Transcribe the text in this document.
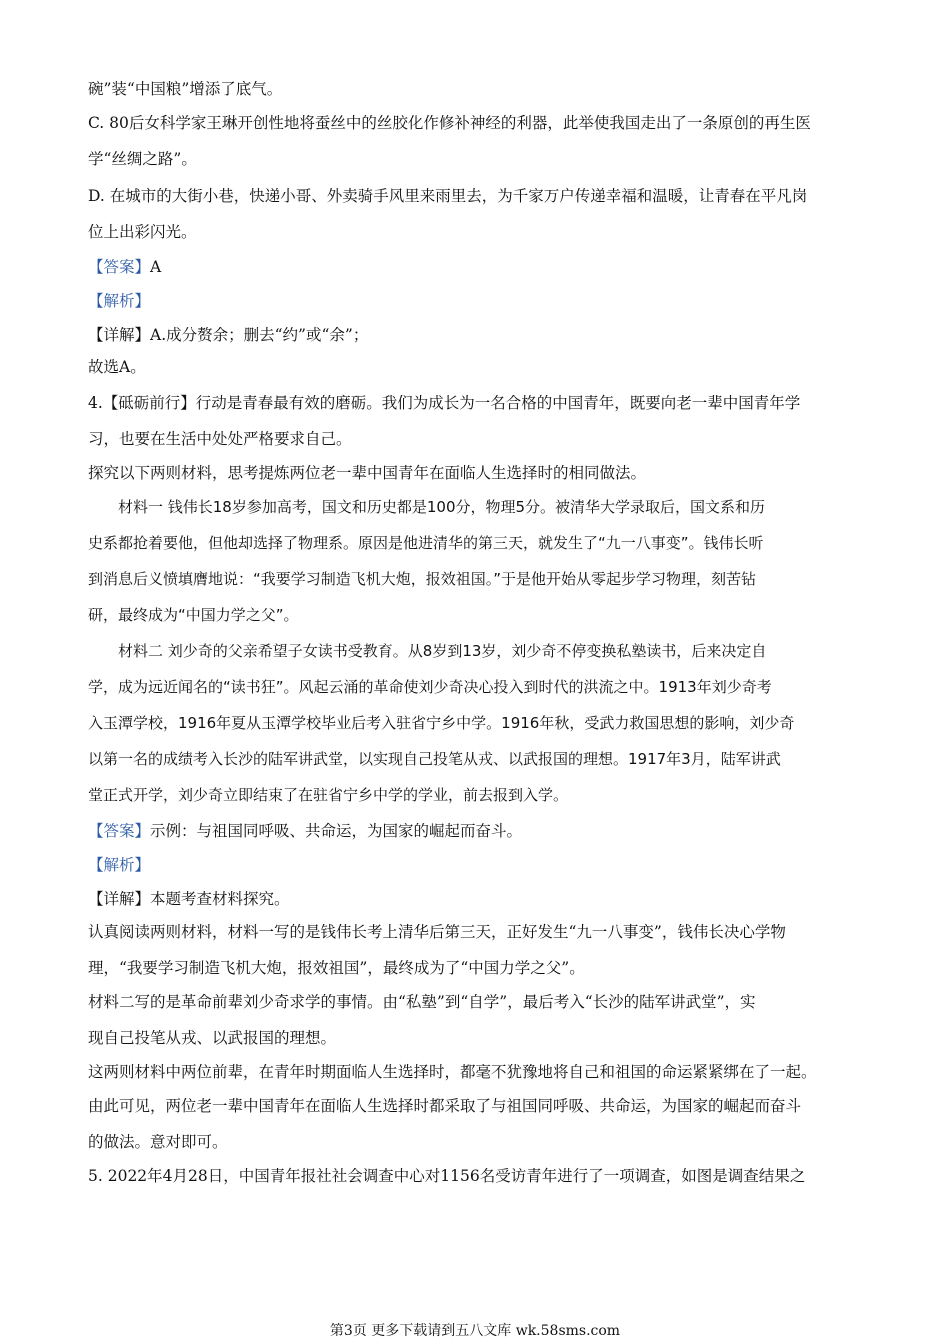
碗”装“中国粮”增添了底气。
C. 80后女科学家王琳开创性地将蚕丝中的丝胶化作修补神经的利器，此举使我国走出了一条原创的再生医
学“丝绸之路”。
D. 在城市的大街小巷，快递小哥、外卖骑手风里来雨里去，为千家万户传递幸福和温暖，让青春在平凡岗
位上出彩闪光。
【答案】A
【解析】
【详解】A.成分赘余；删去“约”或“余”；
故选A。
4.【砥砺前行】行动是青春最有效的磨砺。我们为成长为一名合格的中国青年，既要向老一辈中国青年学
习，也要在生活中处处严格要求自己。
探究以下两则材料，思考提炼两位老一辈中国青年在面临人生选择时的相同做法。
材料一 钱伟长18岁参加高考，国文和历史都是100分，物理5分。被清华大学录取后，国文系和历
史系都抢着要他，但他却选择了物理系。原因是他进清华的第三天，就发生了“九一八事变”。钱伟长听
到消息后义愤填膺地说：“我要学习制造飞机大炮，报效祖国。”于是他开始从零起步学习物理，刻苦钻
研，最终成为“中国力学之父”。
材料二 刘少奇的父亲希望子女读书受教育。从8岁到13岁，刘少奇不停变换私塾读书，后来决定自
学，成为远近闻名的“读书狂”。风起云涌的革命使刘少奇决心投入到时代的洪流之中。1913年刘少奇考
入玉潭学校，1916年夏从玉潭学校毕业后考入驻省宁乡中学。1916年秋，受武力救国思想的影响，刘少奇
以第一名的成绩考入长沙的陆军讲武堂，以实现自己投笔从戎、以武报国的理想。1917年3月，陆军讲武
堂正式开学，刘少奇立即结束了在驻省宁乡中学的学业，前去报到入学。
【答案】示例：与祖国同呼吸、共命运，为国家的崛起而奋斗。
【解析】
【详解】本题考查材料探究。
认真阅读两则材料，材料一写的是钱伟长考上清华后第三天，正好发生“九一八事变”，钱伟长决心学物
理，“我要学习制造飞机大炮，报效祖国”，最终成为了“中国力学之父”。
材料二写的是革命前辈刘少奇求学的事情。由“私塾”到“自学”，最后考入“长沙的陆军讲武堂”，实
现自己投笔从戎、以武报国的理想。
这两则材料中两位前辈，在青年时期面临人生选择时，都毫不犹豫地将自己和祖国的命运紧紧绑在了一起。
由此可见，两位老一辈中国青年在面临人生选择时都采取了与祖国同呼吸、共命运，为国家的崛起而奋斗
的做法。意对即可。
5. 2022年4月28日，中国青年报社社会调查中心对1156名受访青年进行了一项调查，如图是调查结果之
第3页 更多下载请到五八文库 wk.58sms.com
